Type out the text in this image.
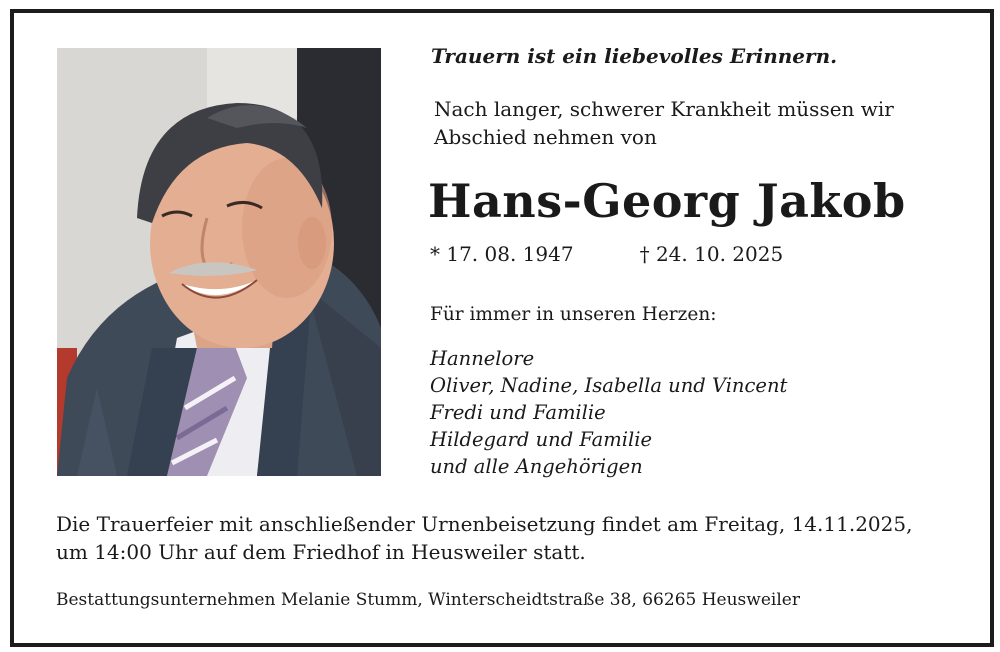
Trauern ist ein liebevolles Erinnern.
Nach langer, schwerer Krankheit müssen wir
Abschied nehmen von
Hans-Georg Jakob
* 17. 08. 1947	† 24. 10. 2025
Für immer in unseren Herzen:
Hannelore
Oliver, Nadine, Isabella und Vincent
Fredi und Familie
Hildegard und Familie
und alle Angehörigen
Die Trauerfeier mit anschließender Urnenbeisetzung findet am Freitag, 14.11.2025,
um 14:00 Uhr auf dem Friedhof in Heusweiler statt.
Bestattungsunternehmen Melanie Stumm, Winterscheidtstraße 38, 66265 Heusweiler
